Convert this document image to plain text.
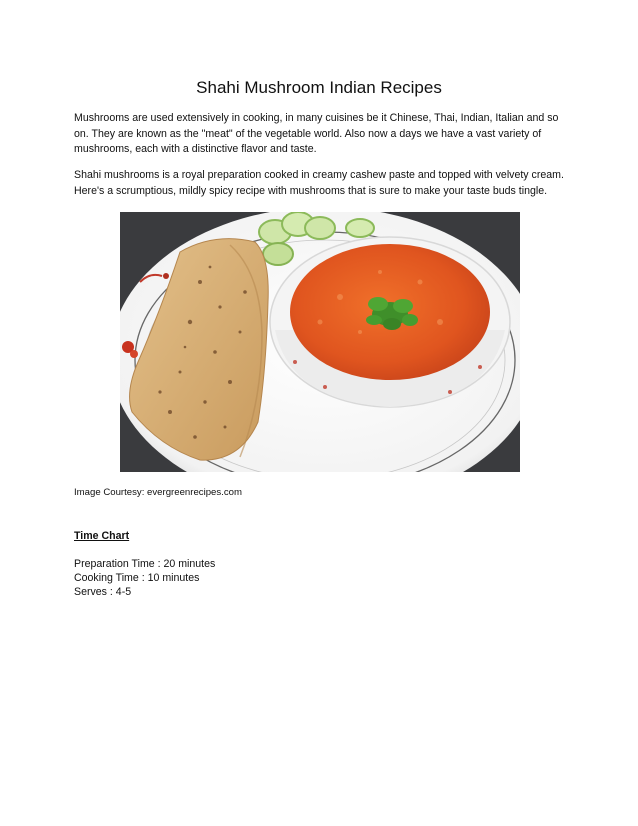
Shahi Mushroom Indian Recipes

Mushrooms are used extensively in cooking, in many cuisines be it Chinese, Thai, Indian, Italian and so on. They are known as the "meat" of the vegetable world. Also now a days we have a vast variety of mushrooms, each with a distinctive flavor and taste.

Shahi mushrooms is a royal preparation cooked in creamy cashew paste and topped with velvety cream. Here's a scrumptious, mildly spicy recipe with mushrooms that is sure to make your taste buds tingle.

Image Courtesy: evergreenrecipes.com
Time Chart
Preparation Time : 20 minutes
Cooking Time : 10 minutes
Serves : 4-5
